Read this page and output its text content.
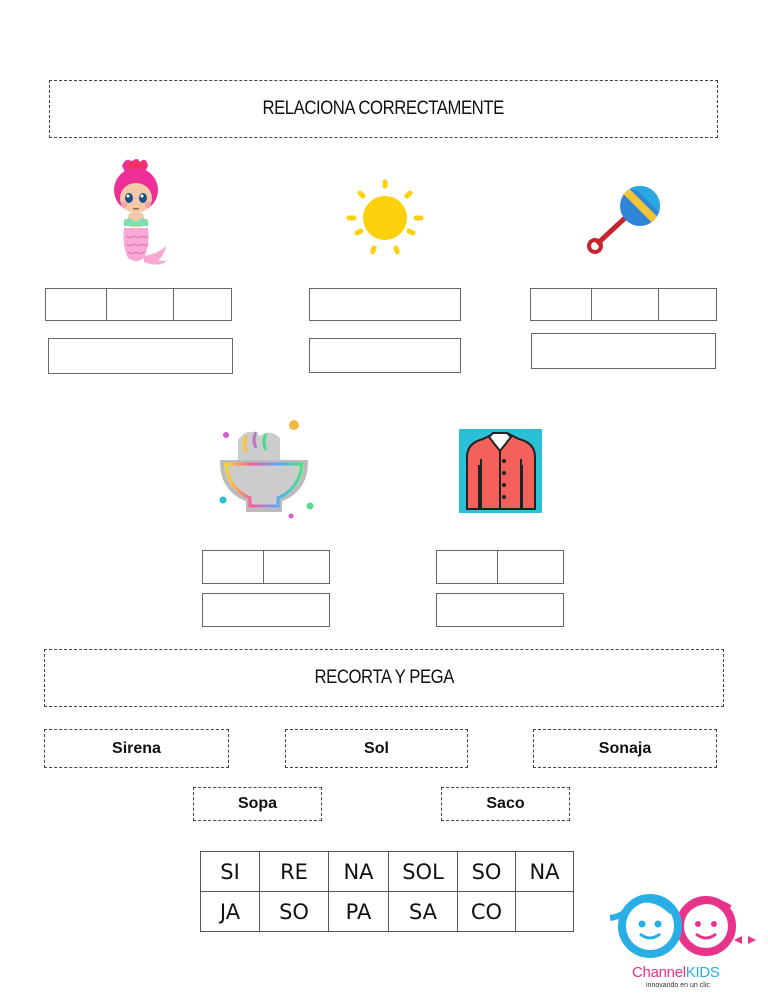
RELACIONA CORRECTAMENTE
RECORTA Y PEGA
Sirena	Sol	Sonaja
Sopa	Saco
SI	RE	NA	SOL	SO	NA
JA	SO	PA	SA	CO	
ChannelKIDS
innovando en un clic
